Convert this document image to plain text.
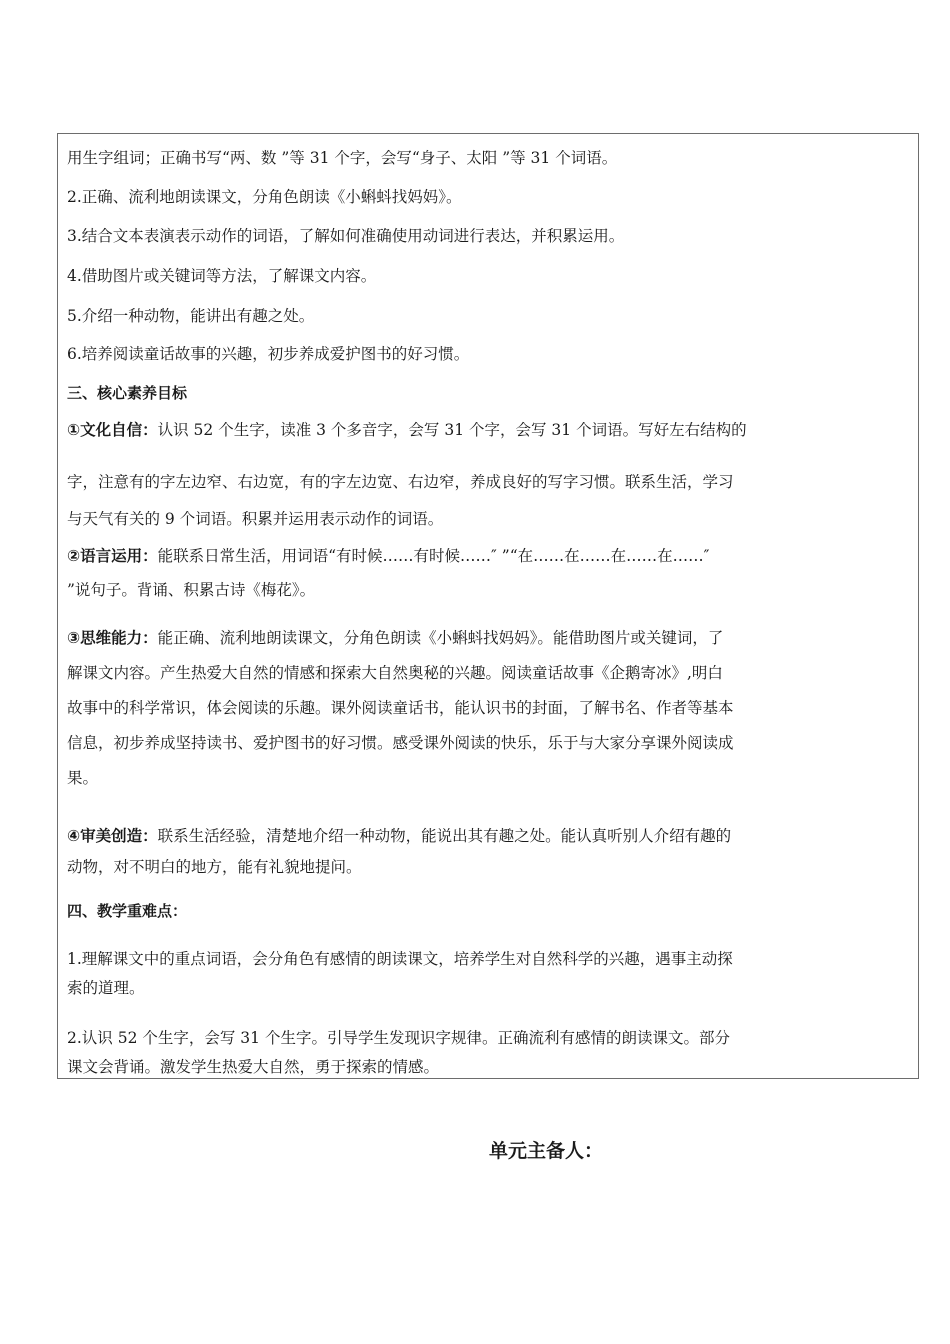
用生字组词；正确书写“两、数 ”等 31 个字，会写“身子、太阳 ”等 31 个词语。
2.正确、流利地朗读课文，分角色朗读《小蝌蚪找妈妈》。
3.结合文本表演表示动作的词语，了解如何准确使用动词进行表达，并积累运用。
4.借助图片或关键词等方法，了解课文内容。
5.介绍一种动物，能讲出有趣之处。
6.培养阅读童话故事的兴趣，初步养成爱护图书的好习惯。
三、核心素养目标
①文化自信：认识 52 个生字，读准 3 个多音字，会写 31 个字，会写 31 个词语。写好左右结构的
字，注意有的字左边窄、右边宽，有的字左边宽、右边窄，养成良好的写字习惯。联系生活，学习
与天气有关的 9 个词语。积累并运用表示动作的词语。
②语言运用：能联系日常生活，用词语“有时候……有时候……″ ”“在……在……在……在……″
”说句子。背诵、积累古诗《梅花》。
③思维能力：能正确、流利地朗读课文，分角色朗读《小蝌蚪找妈妈》。能借助图片或关键词，了
解课文内容。产生热爱大自然的情感和探索大自然奥秘的兴趣。阅读童话故事《企鹅寄冰》,明白
故事中的科学常识，体会阅读的乐趣。课外阅读童话书，能认识书的封面，了解书名、作者等基本
信息，初步养成坚持读书、爱护图书的好习惯。感受课外阅读的快乐，乐于与大家分享课外阅读成
果。
④审美创造：联系生活经验，清楚地介绍一种动物，能说出其有趣之处。能认真听别人介绍有趣的
动物，对不明白的地方，能有礼貌地提问。
四、教学重难点：
1.理解课文中的重点词语，会分角色有感情的朗读课文，培养学生对自然科学的兴趣，遇事主动探
索的道理。
2.认识 52 个生字，会写 31 个生字。引导学生发现识字规律。正确流利有感情的朗读课文。部分
课文会背诵。激发学生热爱大自然，勇于探索的情感。
单元主备人：
